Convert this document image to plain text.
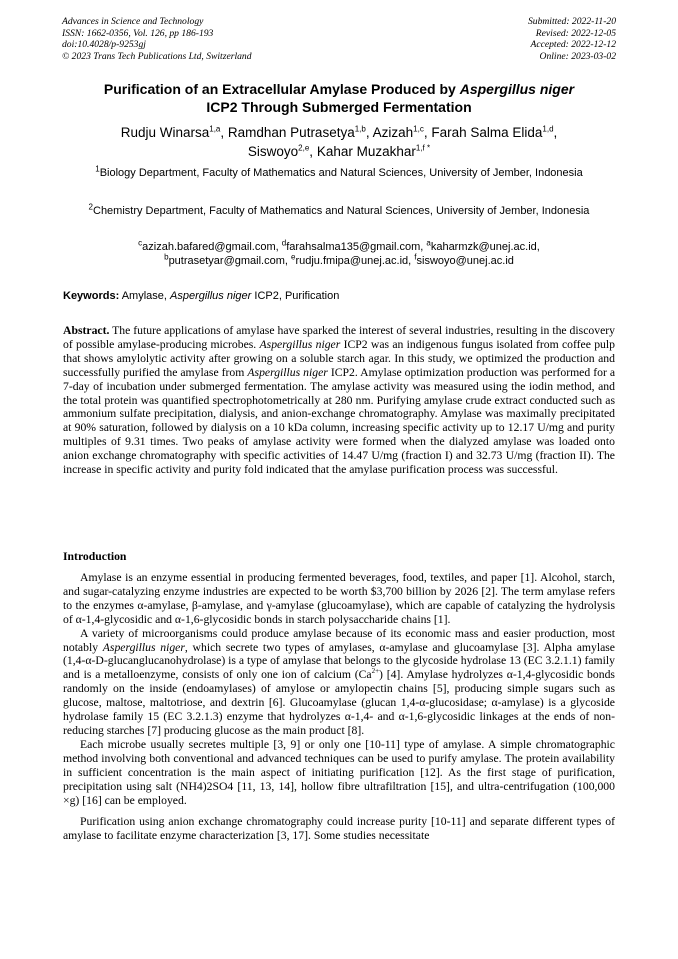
Advances in Science and Technology
ISSN: 1662-0356, Vol. 126, pp 186-193
doi:10.4028/p-9253gj
© 2023 Trans Tech Publications Ltd, Switzerland
Submitted: 2022-11-20
Revised: 2022-12-05
Accepted: 2022-12-12
Online: 2023-03-02
Purification of an Extracellular Amylase Produced by Aspergillus niger
ICP2 Through Submerged Fermentation
Rudju Winarsa$^{1,a}$, Ramdhan Putrasetya$^{1,b}$, Azizah$^{1,c}$, Farah Salma Elida$^{1,d}$,
Siswoyo$^{2,e}$, Kahar Muzakhar$^{1,f *}$
$^1$Biology Department, Faculty of Mathematics and Natural Sciences, University of Jember, Indonesia
$^2$Chemistry Department, Faculty of Mathematics and Natural Sciences, University of Jember, Indonesia
$^c$azizah.bafared@gmail.com, $^d$farahsalma135@gmail.com, $^a$kaharmzk@unej.ac.id,
$^b$putrasetyar@gmail.com, $^e$rudju.fmipa@unej.ac.id, $^f$siswoyo@unej.ac.id
Keywords: Amylase, Aspergillus niger ICP2, Purification
Abstract. The future applications of amylase have sparked the interest of several industries, resulting in the discovery of possible amylase-producing microbes. Aspergillus niger ICP2 was an indigenous fungus isolated from coffee pulp that shows amylolytic activity after growing on a soluble starch agar. In this study, we optimized the production and successfully purified the amylase from Aspergillus niger ICP2. Amylase optimization production was performed for a 7-day of incubation under submerged fermentation. The amylase activity was measured using the iodin method, and the total protein was quantified spectrophotometrically at 280 nm. Purifying amylase crude extract conducted such as ammonium sulfate precipitation, dialysis, and anion-exchange chromatography. Amylase was maximally precipitated at 90% saturation, followed by dialysis on a 10 kDa column, increasing specific activity up to 12.17 U/mg and purity multiples of 9.31 times. Two peaks of amylase activity were formed when the dialyzed amylase was loaded onto anion exchange chromatography with specific activities of 14.47 U/mg (fraction I) and 32.73 U/mg (fraction II). The increase in specific activity and purity fold indicated that the amylase purification process was successful.
Introduction

Amylase is an enzyme essential in producing fermented beverages, food, textiles, and paper [1]. Alcohol, starch, and sugar-catalyzing enzyme industries are expected to be worth $3,700 billion by 2026 [2]. The term amylase refers to the enzymes α-amylase, β-amylase, and γ-amylase (glucoamylase), which are capable of catalyzing the hydrolysis of α-1,4-glycosidic and α-1,6-glycosidic bonds in starch polysaccharide chains [1].

A variety of microorganisms could produce amylase because of its economic mass and easier production, most notably Aspergillus niger, which secrete two types of amylases, α-amylase and glucoamylase [3]. Alpha amylase (1,4-α-D-glucanglucanohydrolase) is a type of amylase that belongs to the glycoside hydrolase 13 (EC 3.2.1.1) family and is a metalloenzyme, consists of only one ion of calcium $(Ca^{2+})$ [4]. Amylase hydrolyzes α-1,4-glycosidic bonds randomly on the inside (endoamylases) of amylose or amylopectin chains [5], producing simple sugars such as glucose, maltose, maltotriose, and dextrin [6]. Glucoamylase (glucan 1,4-α-glucosidase; α-amylase) is a glycoside hydrolase family 15 (EC 3.2.1.3) enzyme that hydrolyzes α-1,4- and α-1,6-glycosidic linkages at the ends of non-reducing starches [7] producing glucose as the main product [8].

Each microbe usually secretes multiple [3, 9] or only one [10-11] type of amylase. A simple chromatographic method involving both conventional and advanced techniques can be used to purify amylase. The protein availability in sufficient concentration is the main aspect of initiating purification [12]. As the first stage of purification, precipitation using salt (NH4)2SO4 [11, 13, 14], hollow fibre ultrafiltration [15], and ultra-centrifugation (100,000 ×g) [16] can be employed.

Purification using anion exchange chromatography could increase purity [10-11] and separate different types of amylase to facilitate enzyme characterization [3, 17]. Some studies necessitate
